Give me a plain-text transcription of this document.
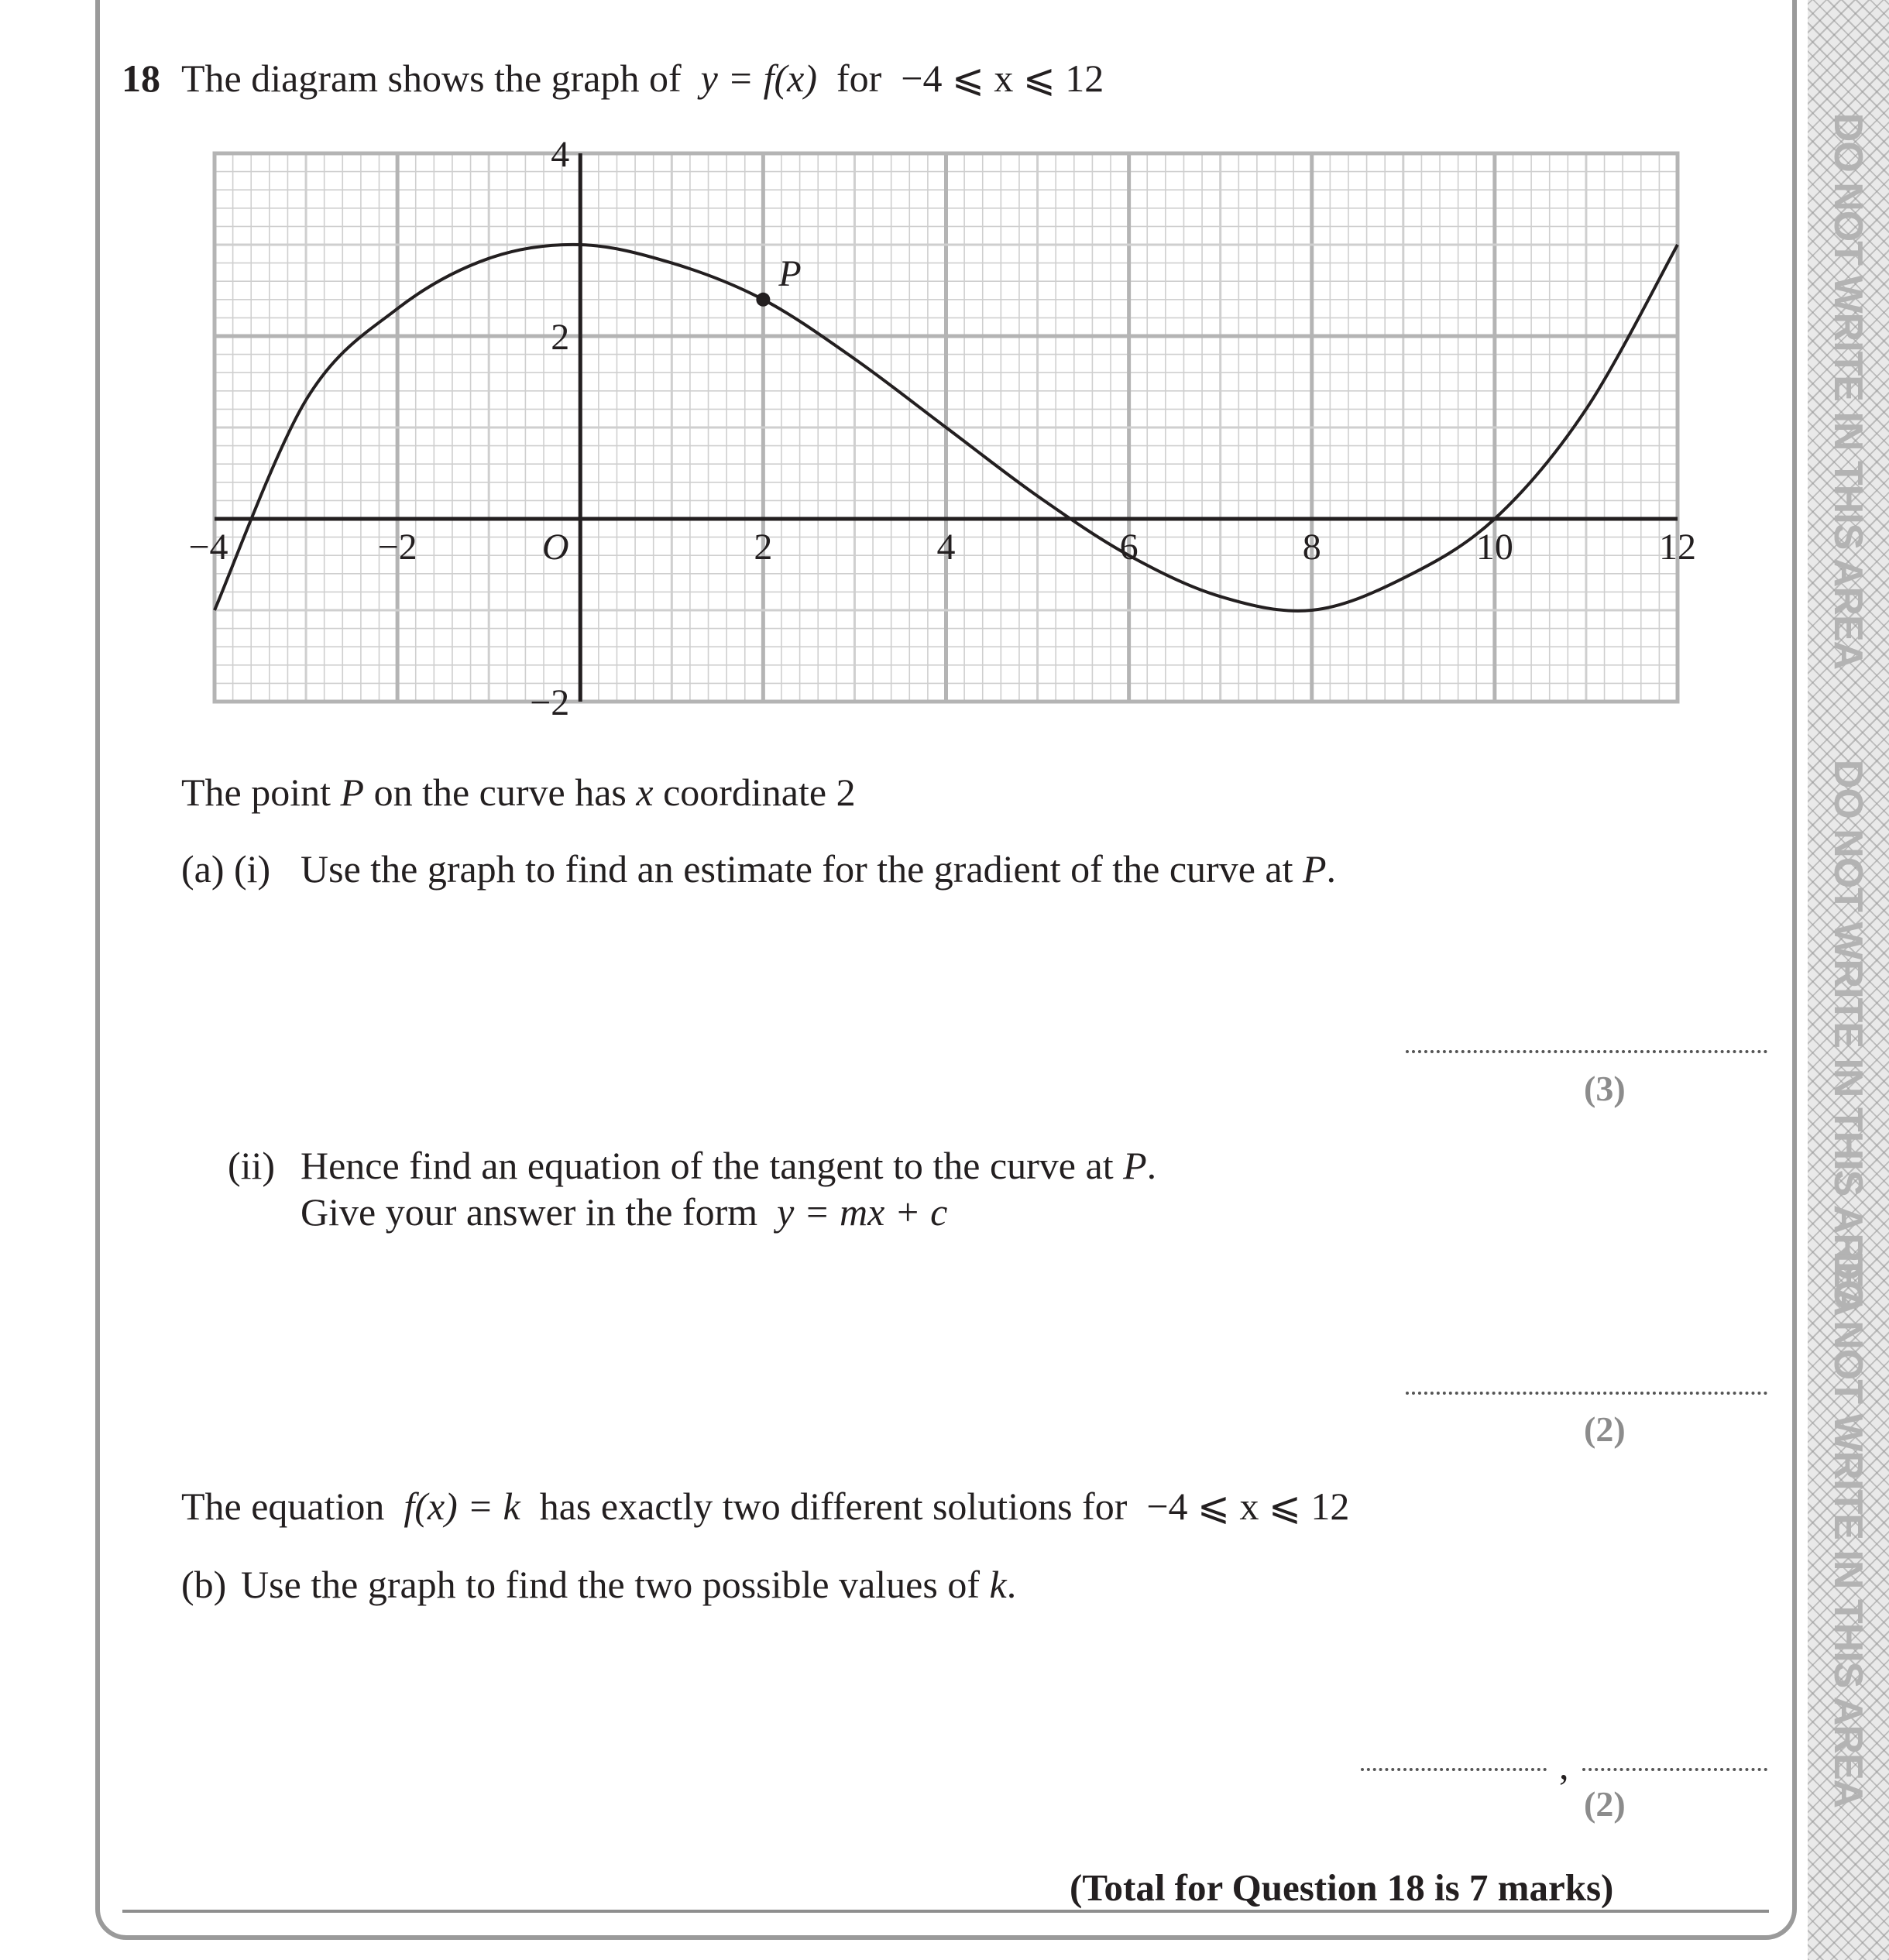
DO NOT WRITE IN THIS AREA
DO NOT WRITE IN THIS AREA
DO NOT WRITE IN THIS AREA
18 The diagram shows the graph of y = f(x) for −4 ⩽ x ⩽ 12
−4	−2	O	2	4	6	8	10	12
4
2
−2
P
The point P on the curve has x coordinate 2
(a) (i) Use the graph to find an estimate for the gradient of the curve at P.
(3)
(ii) Hence find an equation of the tangent to the curve at P.
Give your answer in the form y = mx + c
(2)
The equation f(x) = k has exactly two different solutions for −4 ⩽ x ⩽ 12
(b) Use the graph to find the two possible values of k.
,
(2)
(Total for Question 18 is 7 marks)
